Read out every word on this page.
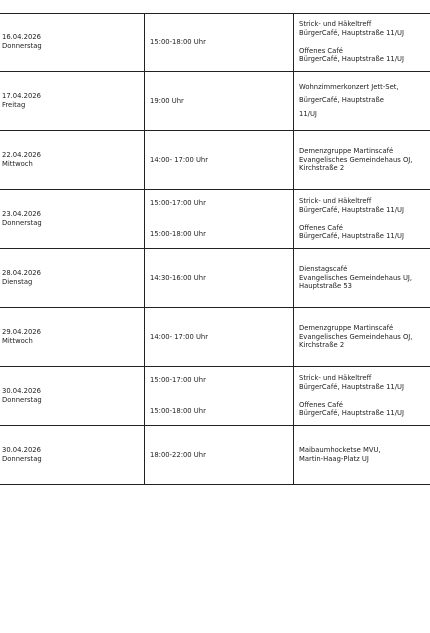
16.04.2026
Donnerstag	15:00-18:00 Uhr	Strick- und Häkeltreff
BürgerCafé, Hauptstraße 11/UJ
Offenes Café
BürgerCafé, Hauptstraße 11/UJ

17.04.2026
Freitag	19:00 Uhr	Wohnzimmerkonzert Jett-Set,
BürgerCafé, Hauptstraße
11/UJ

22.04.2026
Mittwoch	14:00- 17:00 Uhr	Demenzgruppe Martinscafé
Evangelisches Gemeindehaus OJ,
Kirchstraße 2

23.04.2026
Donnerstag	15:00-17:00 Uhr
15:00-18:00 Uhr	Strick- und Häkeltreff
BürgerCafé, Hauptstraße 11/UJ
Offenes Café
BürgerCafé, Hauptstraße 11/UJ

28.04.2026
Dienstag	14:30-16:00 Uhr	Dienstagscafé
Evangelisches Gemeindehaus UJ,
Hauptstraße 53

29.04.2026
Mittwoch	14:00- 17:00 Uhr	Demenzgruppe Martinscafé
Evangelisches Gemeindehaus OJ,
Kirchstraße 2

30.04.2026
Donnerstag	15:00-17:00 Uhr
15:00-18:00 Uhr	Strick- und Häkeltreff
BürgerCafé, Hauptstraße 11/UJ
Offenes Café
BürgerCafé, Hauptstraße 11/UJ

30.04.2026
Donnerstag	18:00-22:00 Uhr	Maibaumhocketse MVU,
Martin-Haag-Platz UJ
